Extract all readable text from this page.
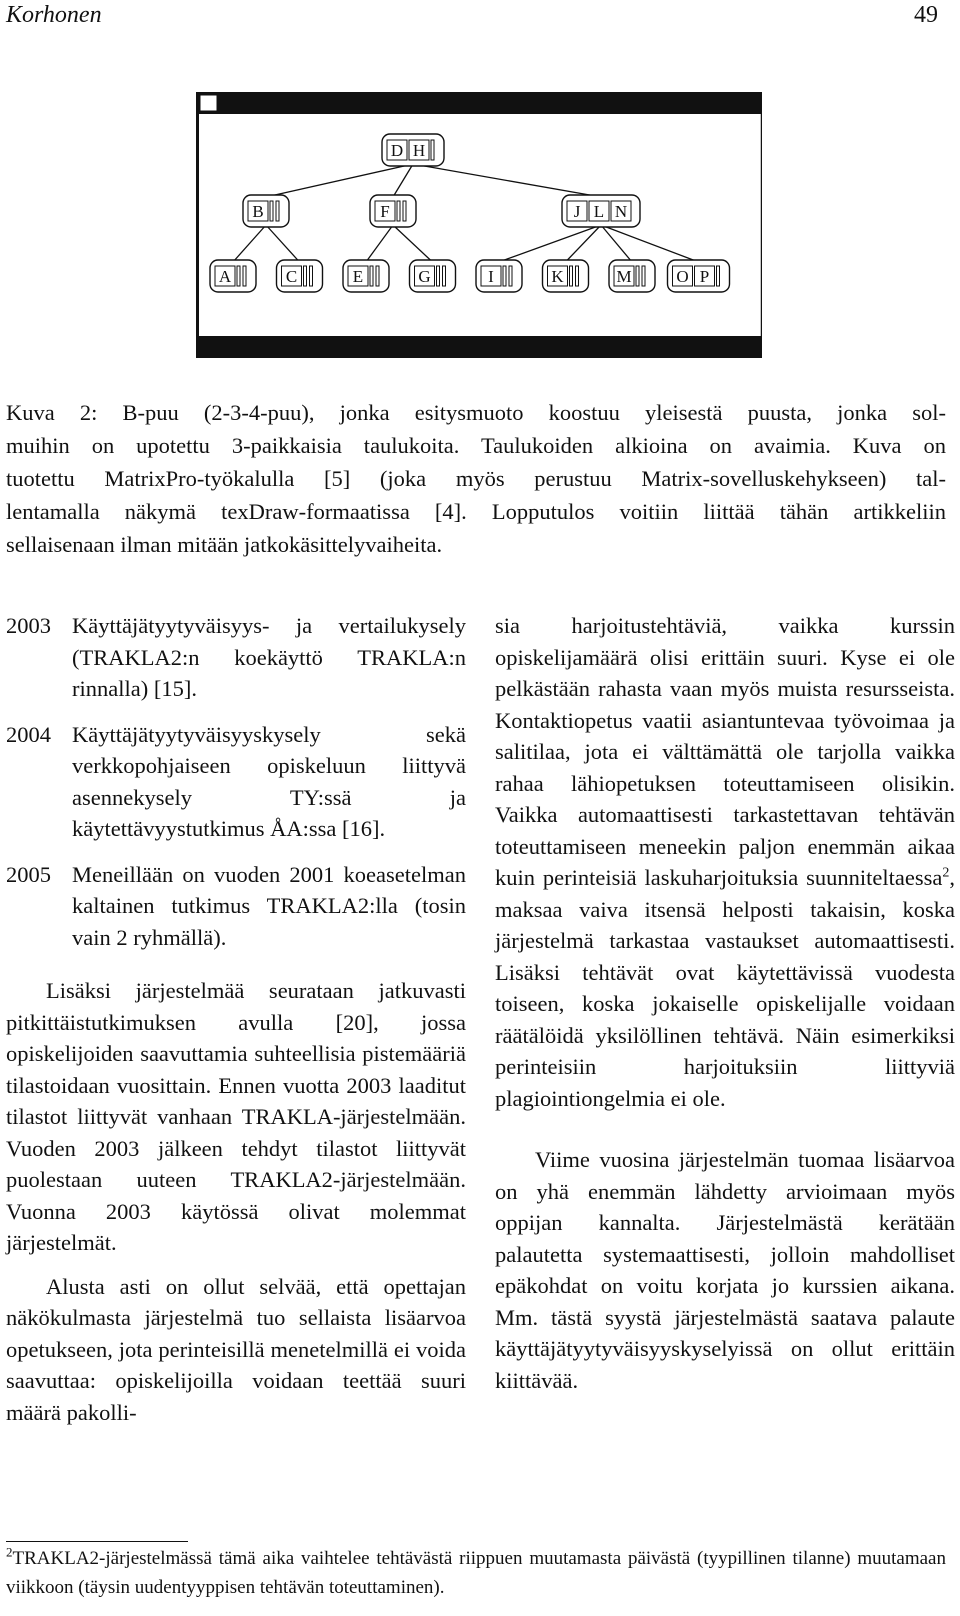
Korhonen	49
A	C	E	G	I	K	M	O P
B	F	J L N
D H
Kuva 2: B-puu (2-3-4-puu), jonka esitysmuoto koostuu yleisestä puusta, jonka sol-
muihin on upotettu 3-paikkaisia taulukoita. Taulukoiden alkioina on avaimia. Kuva on
tuotettu MatrixPro-työkalulla [5] (joka myös perustuu Matrix-sovelluskehykseen) tal-
lentamalla näkymä texDraw-formaatissa [4]. Lopputulos voitiin liittää tähän artikkeliin
sellaisenaan ilman mitään jatkokäsittelyvaiheita.
2003 Käyttäjätyytyväisyys- ja vertailukysely (TRAKLA2:n koekäyttö TRAKLA:n rinnalla) [15].
2004 Käyttäjätyytyväisyyskysely sekä verkkopohjaiseen opiskeluun liittyvä asennekysely TY:ssä ja käytettävyystutkimus ÅA:ssa [16].
2005 Meneillään on vuoden 2001 koeasetelman kaltainen tutkimus TRAKLA2:lla (tosin vain 2 ryhmällä).

Lisäksi järjestelmää seurataan jatkuvasti pitkittäistutkimuksen avulla [20], jossa opiskelijoiden saavuttamia suhteellisia pistemääriä tilastoidaan vuosittain. Ennen vuotta 2003 laaditut tilastot liittyvät vanhaan TRAKLA-järjestelmään. Vuoden 2003 jälkeen tehdyt tilastot liittyvät puolestaan uuteen TRAKLA2-järjestelmään. Vuonna 2003 käytössä olivat molemmat järjestelmät.

Alusta asti on ollut selvää, että opettajan näkökulmasta järjestelmä tuo sellaista lisäarvoa opetukseen, jota perinteisillä menetelmillä ei voida saavuttaa: opiskelijoilla voidaan teettää suuri määrä pakolli-

sia harjoitustehtäviä, vaikka kurssin opiskelijamäärä olisi erittäin suuri. Kyse ei ole pelkästään rahasta vaan myös muista resursseista. Kontaktiopetus vaatii asiantuntevaa työvoimaa ja salitilaa, jota ei välttämättä ole tarjolla vaikka rahaa lähiopetuksen toteuttamiseen olisikin. Vaikka automaattisesti tarkastettavan tehtävän toteuttamiseen meneekin paljon enemmän aikaa kuin perinteisiä laskuharjoituksia suunniteltaessa$^2$, maksaa vaiva itsensä helposti takaisin, koska järjestelmä tarkastaa vastaukset automaattisesti. Lisäksi tehtävät ovat käytettävissä vuodesta toiseen, koska jokaiselle opiskelijalle voidaan räätälöidä yksilöllinen tehtävä. Näin esimerkiksi perinteisiin harjoituksiin liittyviä plagiointiongelmia ei ole.

Viime vuosina järjestelmän tuomaa lisäarvoa on yhä enemmän lähdetty arvioimaan myös oppijan kannalta. Järjestelmästä kerätään palautetta systemaattisesti, jolloin mahdolliset epäkohdat on voitu korjata jo kurssien aikana. Mm. tästä syystä järjestelmästä saatava palaute käyttäjätyytyväisyyskyselyissä on ollut erittäin kiittävää.

$^2$TRAKLA2-järjestelmässä tämä aika vaihtelee tehtävästä riippuen muutamasta päivästä (tyypillinen tilanne) muutamaan viikkoon (täysin uudentyyppisen tehtävän toteuttaminen).
